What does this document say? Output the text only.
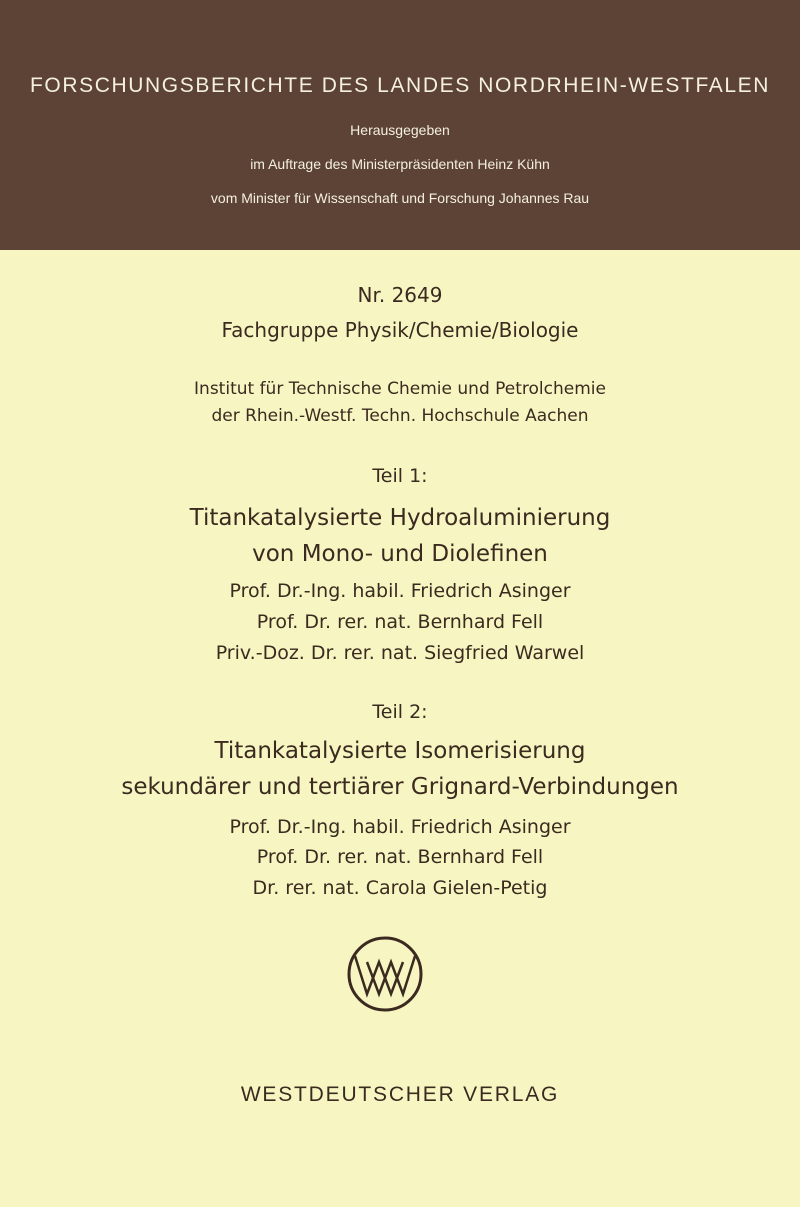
FORSCHUNGSBERICHTE DES LANDES NORDRHEIN-WESTFALEN
Herausgegeben
im Auftrage des Ministerpräsidenten Heinz Kühn
vom Minister für Wissenschaft und Forschung Johannes Rau
Nr. 2649
Fachgruppe Physik/Chemie/Biologie
Institut für Technische Chemie und Petrolchemie
der Rhein.-Westf. Techn. Hochschule Aachen
Teil 1:
Titankatalysierte Hydroaluminierung
von Mono- und Diolefinen
Prof. Dr.-Ing. habil. Friedrich Asinger
Prof. Dr. rer. nat. Bernhard Fell
Priv.-Doz. Dr. rer. nat. Siegfried Warwel
Teil 2:
Titankatalysierte Isomerisierung
sekundärer und tertiärer Grignard-Verbindungen
Prof. Dr.-Ing. habil. Friedrich Asinger
Prof. Dr. rer. nat. Bernhard Fell
Dr. rer. nat. Carola Gielen-Petig
WESTDEUTSCHER VERLAG
